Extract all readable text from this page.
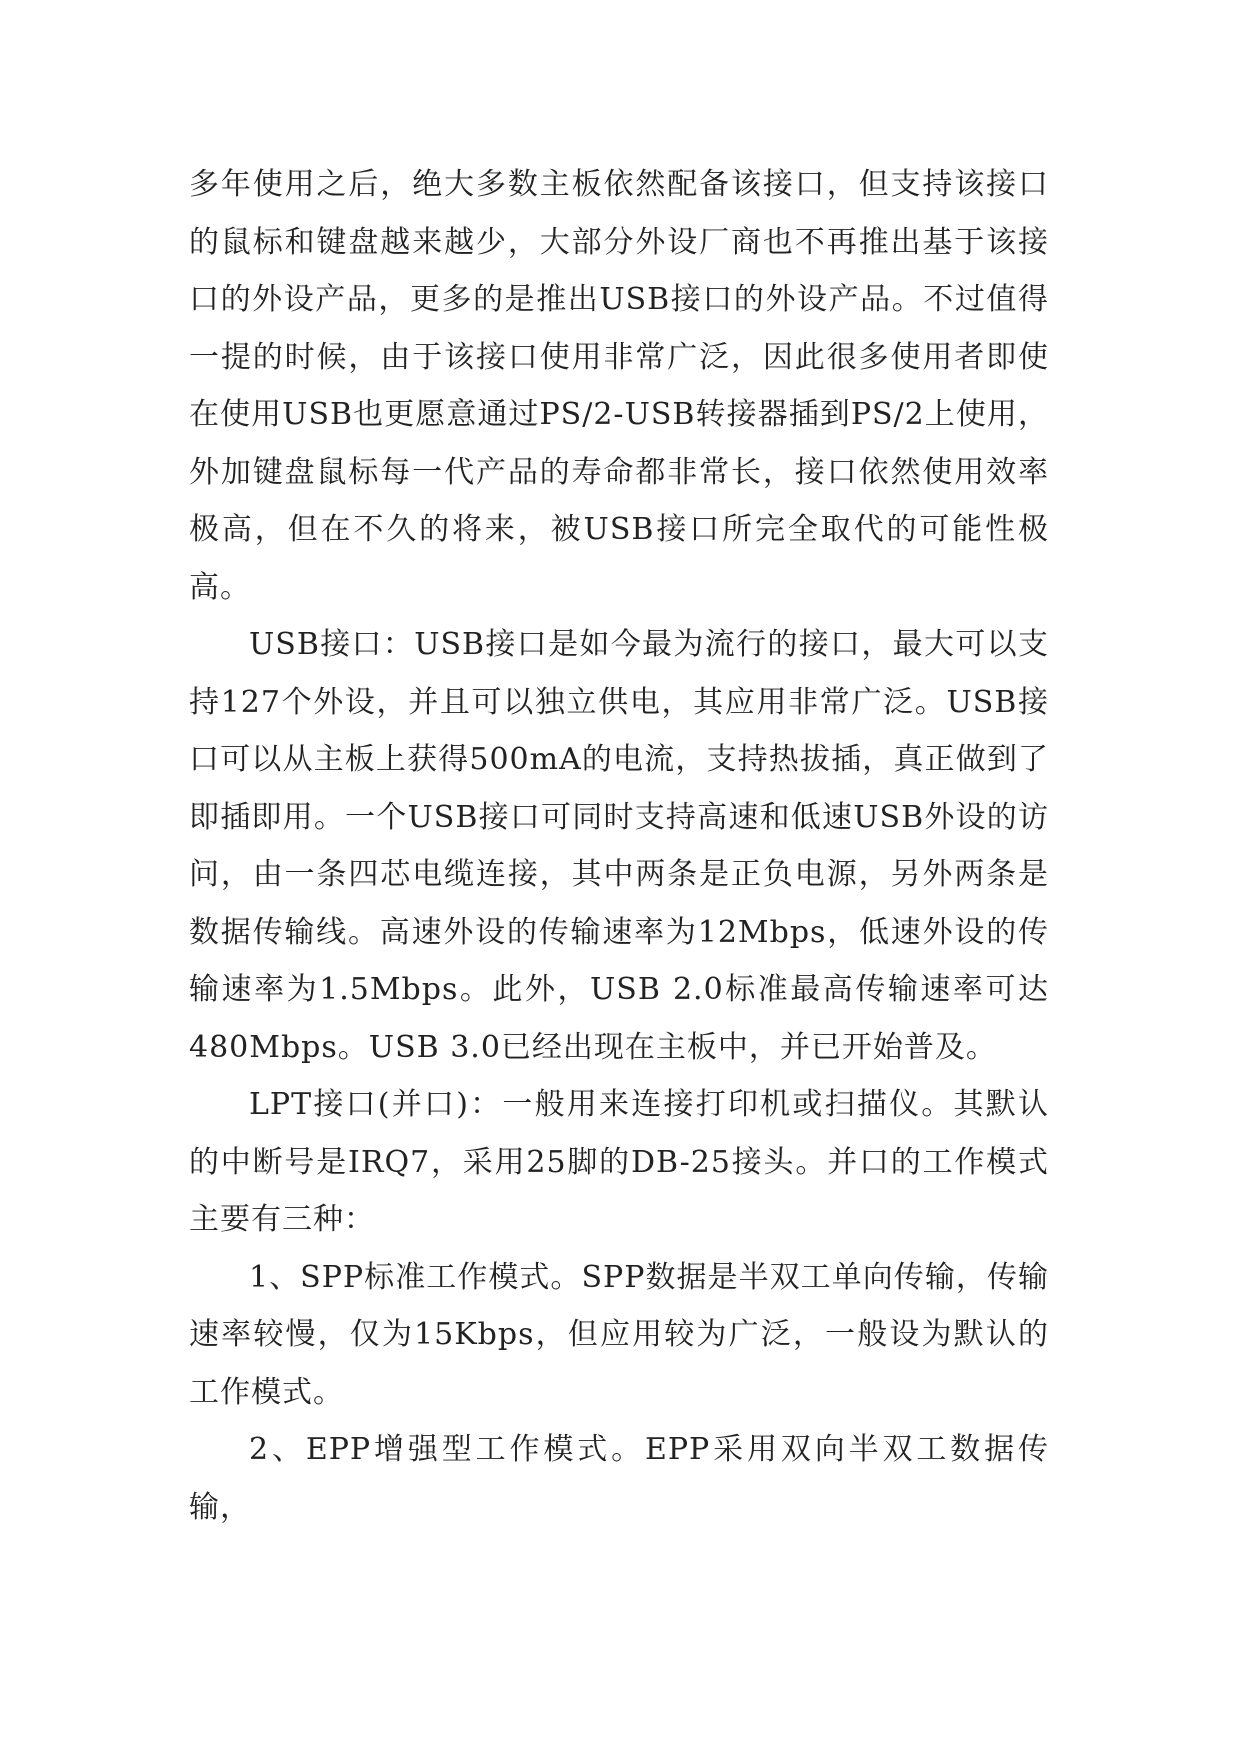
多年使用之后，绝大多数主板依然配备该接口，但支持该接口的鼠标和键盘越来越少，大部分外设厂商也不再推出基于该接口的外设产品，更多的是推出USB接口的外设产品。不过值得一提的时候，由于该接口使用非常广泛，因此很多使用者即使在使用USB也更愿意通过PS/2-USB转接器插到PS/2上使用，外加键盘鼠标每一代产品的寿命都非常长，接口依然使用效率极高，但在不久的将来，被USB接口所完全取代的可能性极高。

USB接口：USB接口是如今最为流行的接口，最大可以支持127个外设，并且可以独立供电，其应用非常广泛。USB接口可以从主板上获得500mA的电流，支持热拔插，真正做到了即插即用。一个USB接口可同时支持高速和低速USB外设的访问，由一条四芯电缆连接，其中两条是正负电源，另外两条是数据传输线。高速外设的传输速率为12Mbps，低速外设的传输速率为1.5Mbps。此外，USB 2.0标准最高传输速率可达480Mbps。USB 3.0已经出现在主板中，并已开始普及。

LPT接口(并口)：一般用来连接打印机或扫描仪。其默认的中断号是IRQ7，采用25脚的DB-25接头。并口的工作模式主要有三种：

1、SPP标准工作模式。SPP数据是半双工单向传输，传输速率较慢，仅为15Kbps，但应用较为广泛，一般设为默认的工作模式。

2、EPP增强型工作模式。EPP采用双向半双工数据传输，
